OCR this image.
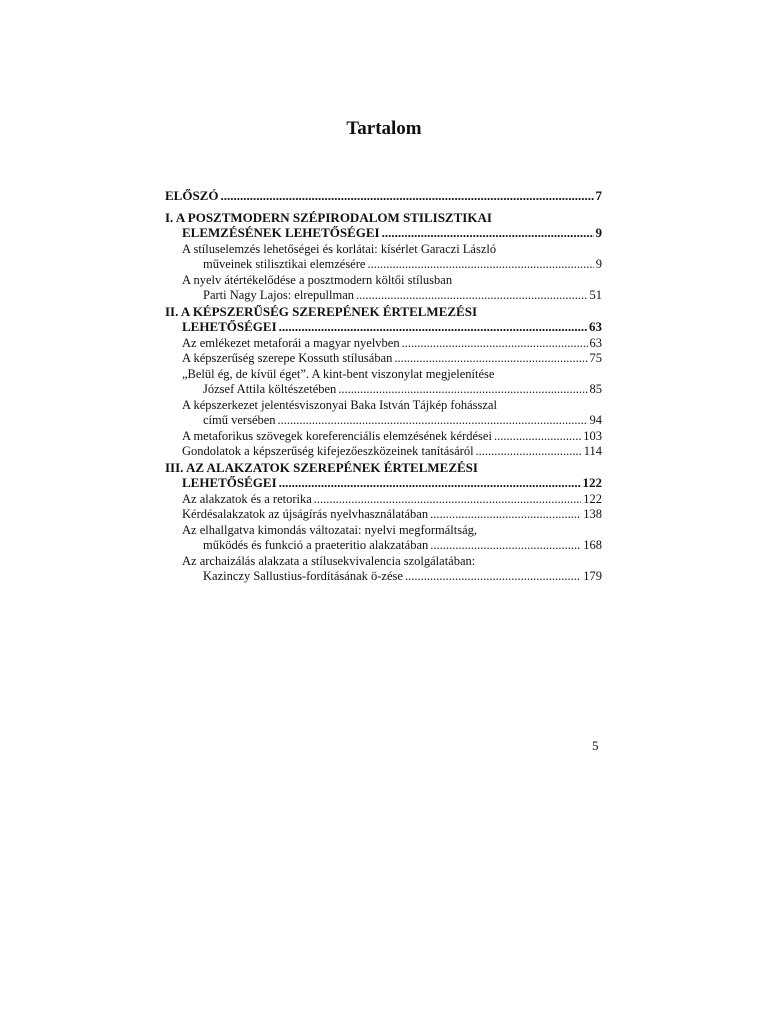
Tartalom
ELŐSZÓ .....	7
I. A POSZTMODERN SZÉPIRODALOM STILISZTIKAI
ELEMZÉSÉNEK LEHETŐSÉGEI .....	9
A stíluselemzés lehetőségei és korlátai: kísérlet Garaczi László
műveinek stilisztikai elemzésére .....	9
A nyelv átértékelődése a posztmodern költői stílusban
Parti Nagy Lajos: elrepullman .....	51
II. A KÉPSZERŰSÉG SZEREPÉNEK ÉRTELMEZÉSI
LEHETŐSÉGEI .....	63
Az emlékezet metaforái a magyar nyelvben .....	63
A képszerűség szerepe Kossuth stílusában .....	75
„Belül ég, de kívül éget”. A kint-bent viszonylat megjelenítése
József Attila költészetében .....	85
A képszerkezet jelentésviszonyai Baka István Tájkép fohásszal
című versében .....	94
A metaforikus szövegek koreferenciális elemzésének kérdései .....	103
Gondolatok a képszerűség kifejezőeszközeinek tanításáról .....	114
III. AZ ALAKZATOK SZEREPÉNEK ÉRTELMEZÉSI
LEHETŐSÉGEI .....	122
Az alakzatok és a retorika .....	122
Kérdésalakzatok az újságírás nyelvhasználatában .....	138
Az elhallgatva kimondás változatai: nyelvi megformáltság,
működés és funkció a praeteritio alakzatában .....	168
Az archaizálás alakzata a stílusekvivalencia szolgálatában:
Kazinczy Sallustius-fordításának ö-zése .....	179
5
